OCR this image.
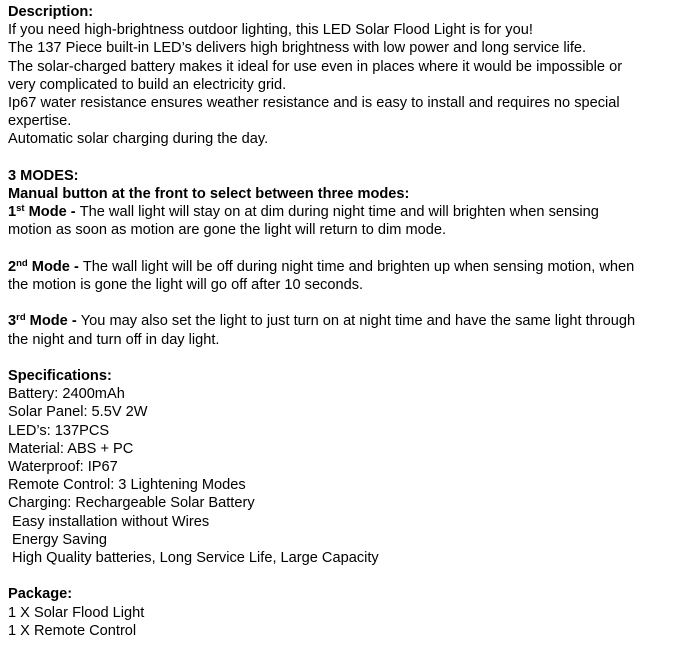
Description:
If you need high-brightness outdoor lighting, this LED Solar Flood Light is for you!
The 137 Piece built-in LED’s delivers high brightness with low power and long service life.
The solar-charged battery makes it ideal for use even in places where it would be impossible or
very complicated to build an electricity grid.
Ip67 water resistance ensures weather resistance and is easy to install and requires no special
expertise.
Automatic solar charging during the day.
3 MODES:
Manual button at the front to select between three modes:
1st Mode - The wall light will stay on at dim during night time and will brighten when sensing
motion as soon as motion are gone the light will return to dim mode.
2nd Mode - The wall light will be off during night time and brighten up when sensing motion, when
the motion is gone the light will go off after 10 seconds.
3rd Mode - You may also set the light to just turn on at night time and have the same light through
the night and turn off in day light.
Specifications:
Battery: 2400mAh
Solar Panel: 5.5V 2W
LED’s: 137PCS
Material: ABS + PC
Waterproof: IP67
Remote Control: 3 Lightening Modes
Charging: Rechargeable Solar Battery
Easy installation without Wires
Energy Saving
High Quality batteries, Long Service Life, Large Capacity
Package:
1 X Solar Flood Light
1 X Remote Control
